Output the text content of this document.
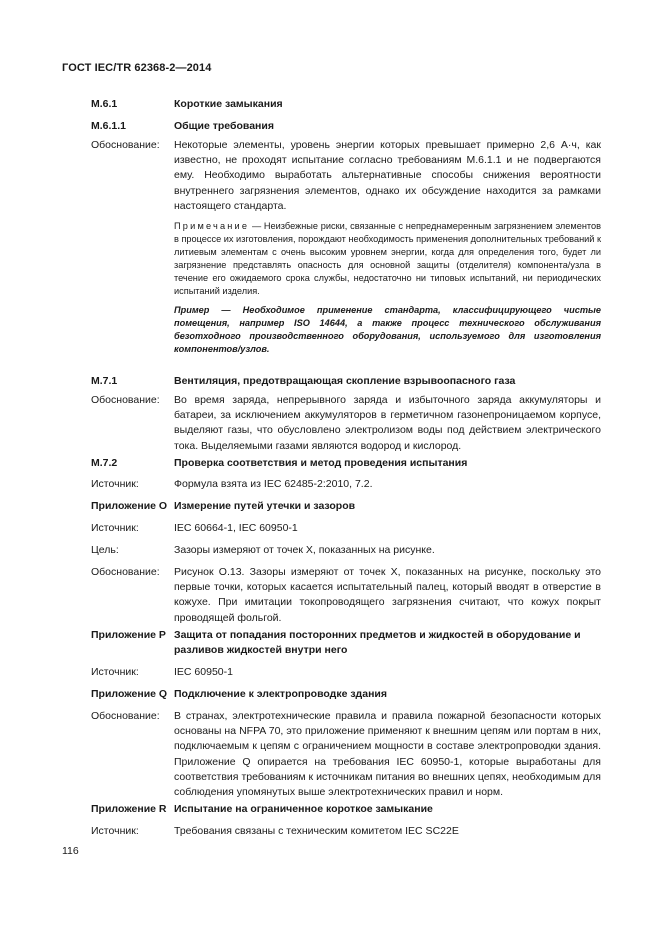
ГОСТ IEC/TR 62368-2—2014
M.6.1	Короткие замыкания
M.6.1.1	Общие требования
Обоснование: Некоторые элементы, уровень энергии которых превышает примерно 2,6 А·ч, как известно, не проходят испытание согласно требованиям М.6.1.1 и не подвергаются ему. Необходимо выработать альтернативные способы снижения вероятности внутреннего загрязнения элементов, однако их обсуждение находится за рамками настоящего стандарта.
Примечание — Неизбежные риски, связанные с непреднамеренным загрязнением элементов в процессе их изготовления, порождают необходимость применения дополнительных требований к литиевым элементам с очень высоким уровнем энергии, когда для определения того, будет ли загрязнение представлять опасность для основной защиты (отделителя) компонента/узла в течение его ожидаемого срока службы, недостаточно ни типовых испытаний, ни периодических испытаний изделия.
Пример — Необходимое применение стандарта, классифицирующего чистые помещения, например ISO 14644, а также процесс технического обслуживания безотходного производственного оборудования, используемого для изготовления компонентов/узлов.
M.7.1	Вентиляция, предотвращающая скопление взрывоопасного газа
Обоснование: Во время заряда, непрерывного заряда и избыточного заряда аккумуляторы и батареи, за исключением аккумуляторов в герметичном газонепроницаемом корпусе, выделяют газы, что обусловлено электролизом воды под действием электрического тока. Выделяемыми газами являются водород и кислород.
M.7.2	Проверка соответствия и метод проведения испытания
Источник:	Формула взята из IEC 62485-2:2010, 7.2.
Приложение О Измерение путей утечки и зазоров
Источник:	IEC 60664-1, IEC 60950-1
Цель:	Зазоры измеряют от точек X, показанных на рисунке.
Обоснование: Рисунок О.13. Зазоры измеряют от точек X, показанных на рисунке, поскольку это первые точки, которых касается испытательный палец, который вводят в отверстие в кожухе. При имитации токопроводящего загрязнения считают, что кожух покрыт проводящей фольгой.
Приложение P Защита от попадания посторонних предметов и жидкостей в оборудование и разливов жидкостей внутри него
Источник:	IEC 60950-1
Приложение Q Подключение к электропроводке здания
Обоснование: В странах, электротехнические правила и правила пожарной безопасности которых основаны на NFPA 70, это приложение применяют к внешним цепям или портам в них, подключаемым к цепям с ограничением мощности в составе электропроводки здания. Приложение Q опирается на требования IEC 60950-1, которые выработаны для соответствия требованиям к источникам питания во внешних цепях, необходимым для соблюдения упомянутых выше электротехнических правил и норм.
Приложение R Испытание на ограниченное короткое замыкание
Источник:	Требования связаны с техническим комитетом IEC SC22E
116
